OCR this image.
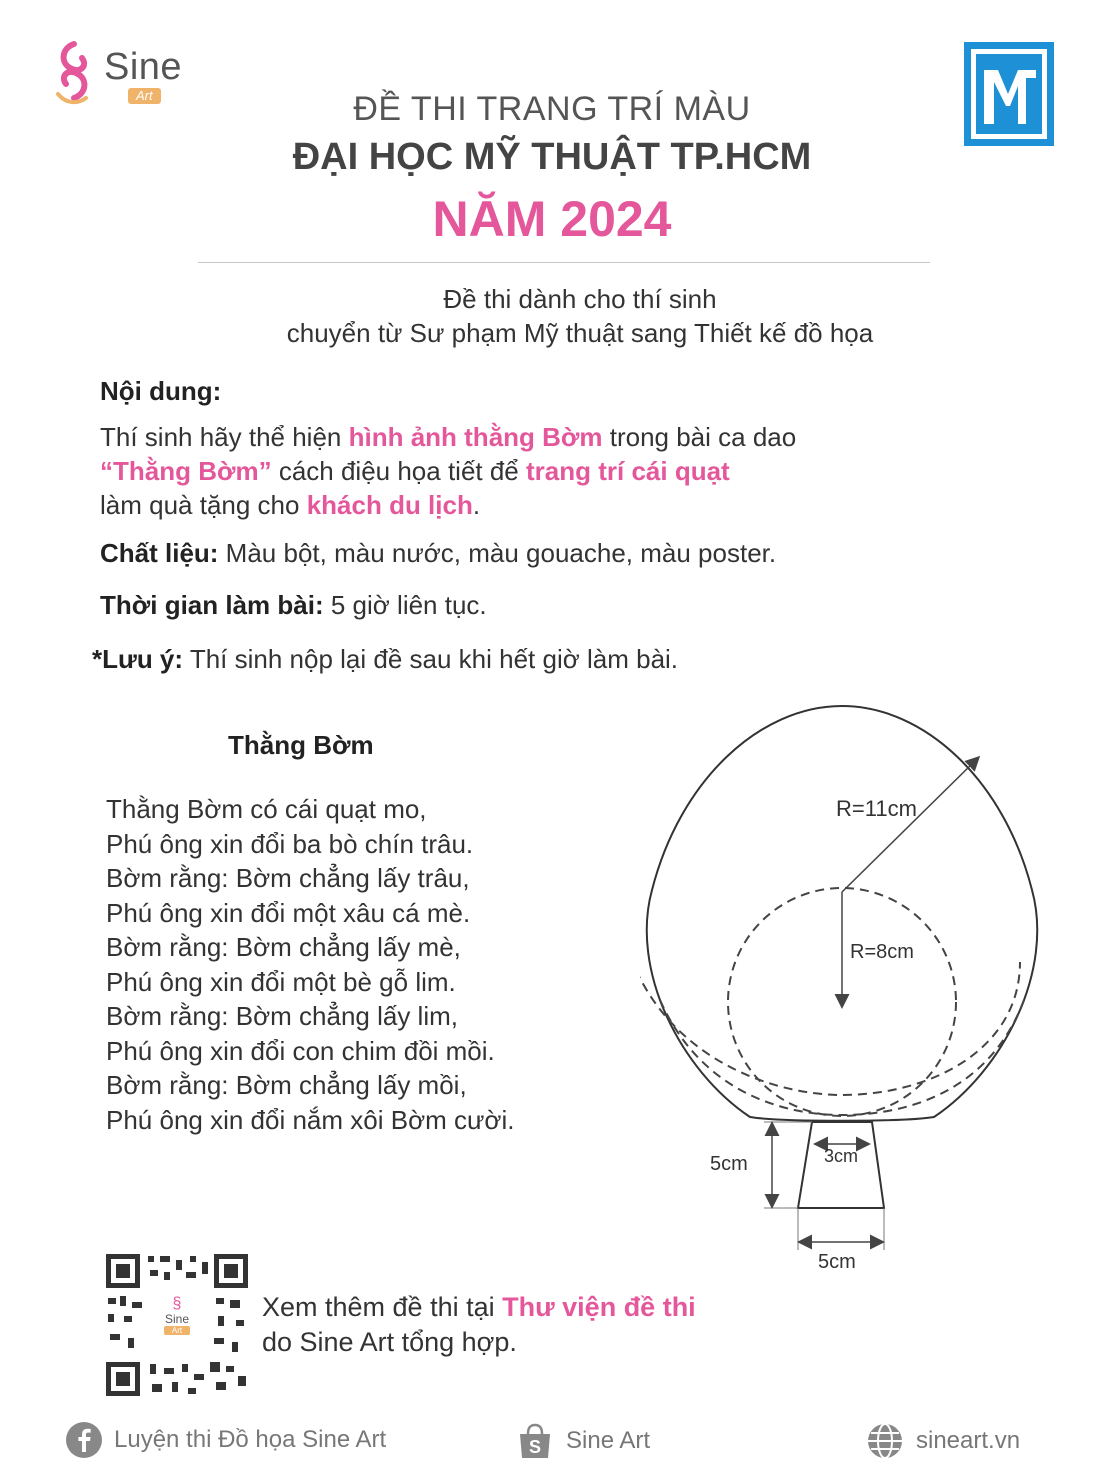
Sine
Art	ĐỀ THI TRANG TRÍ MÀU
ĐẠI HỌC MỸ THUẬT TP.HCM
NĂM 2024
Đề thi dành cho thí sinh
chuyển từ Sư phạm Mỹ thuật sang Thiết kế đồ họa
Nội dung:
Thí sinh hãy thể hiện hình ảnh thằng Bờm trong bài ca dao
“Thằng Bờm” cách điệu họa tiết để trang trí cái quạt
làm quà tặng cho khách du lịch.
Chất liệu: Màu bột, màu nước, màu gouache, màu poster.
Thời gian làm bài: 5 giờ liên tục.
*Lưu ý: Thí sinh nộp lại đề sau khi hết giờ làm bài.
Thằng Bờm
Thằng Bờm có cái quạt mo,
Phú ông xin đổi ba bò chín trâu.
Bờm rằng: Bờm chẳng lấy trâu,
Phú ông xin đổi một xâu cá mè.
Bờm rằng: Bờm chẳng lấy mè,
Phú ông xin đổi một bè gỗ lim.
Bờm rằng: Bờm chẳng lấy lim,
Phú ông xin đổi con chim đồi mồi.
Bờm rằng: Bờm chẳng lấy mồi,
Phú ông xin đổi nắm xôi Bờm cười.
R=11cm
R=8cm
3cm
5cm
5cm
§
Sine
Art
Xem thêm đề thi tại Thư viện đề thi
do Sine Art tổng hợp.
Luyện thi Đồ họa Sine Art	S Sine Art	sineart.vn
